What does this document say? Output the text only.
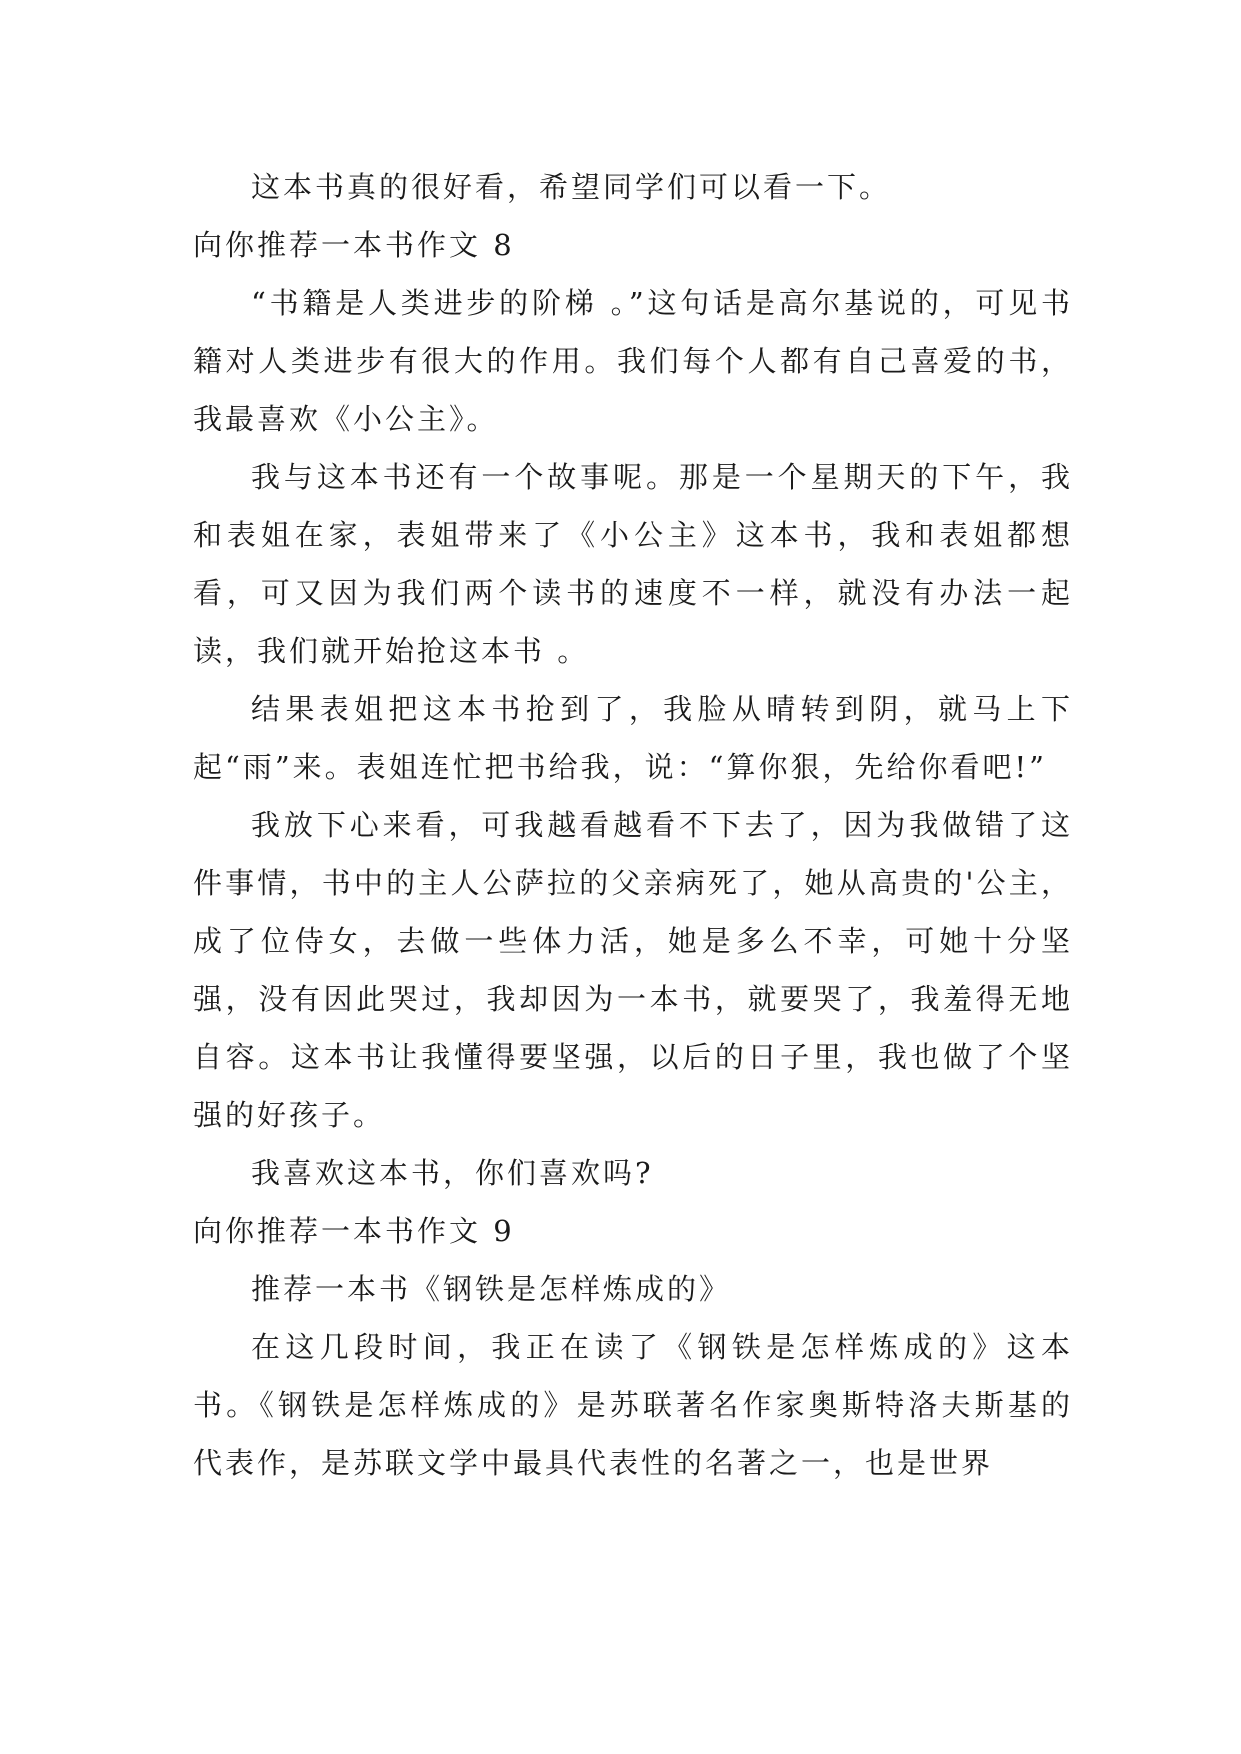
这本书真的很好看，希望同学们可以看一下。

向你推荐一本书作文 8

“书籍是人类进步的阶梯 。”这句话是高尔基说的，可见书籍对人类进步有很大的作用。我们每个人都有自己喜爱的书，我最喜欢《小公主》。

我与这本书还有一个故事呢。那是一个星期天的下午，我和表姐在家，表姐带来了《小公主》这本书，我和表姐都想看，可又因为我们两个读书的速度不一样，就没有办法一起读，我们就开始抢这本书 。

结果表姐把这本书抢到了，我脸从晴转到阴，就马上下起“雨”来。表姐连忙把书给我，说：“算你狠，先给你看吧!”

我放下心来看，可我越看越看不下去了，因为我做错了这件事情，书中的主人公萨拉的父亲病死了，她从高贵的'公主，成了位侍女，去做一些体力活，她是多么不幸，可她十分坚强，没有因此哭过，我却因为一本书，就要哭了，我羞得无地自容。这本书让我懂得要坚强，以后的日子里，我也做了个坚强的好孩子。

我喜欢这本书，你们喜欢吗?

向你推荐一本书作文 9

推荐一本书《钢铁是怎样炼成的》

在这几段时间，我正在读了《钢铁是怎样炼成的》这本书。《钢铁是怎样炼成的》是苏联著名作家奥斯特洛夫斯基的代表作，是苏联文学中最具代表性的名著之一，也是世界
